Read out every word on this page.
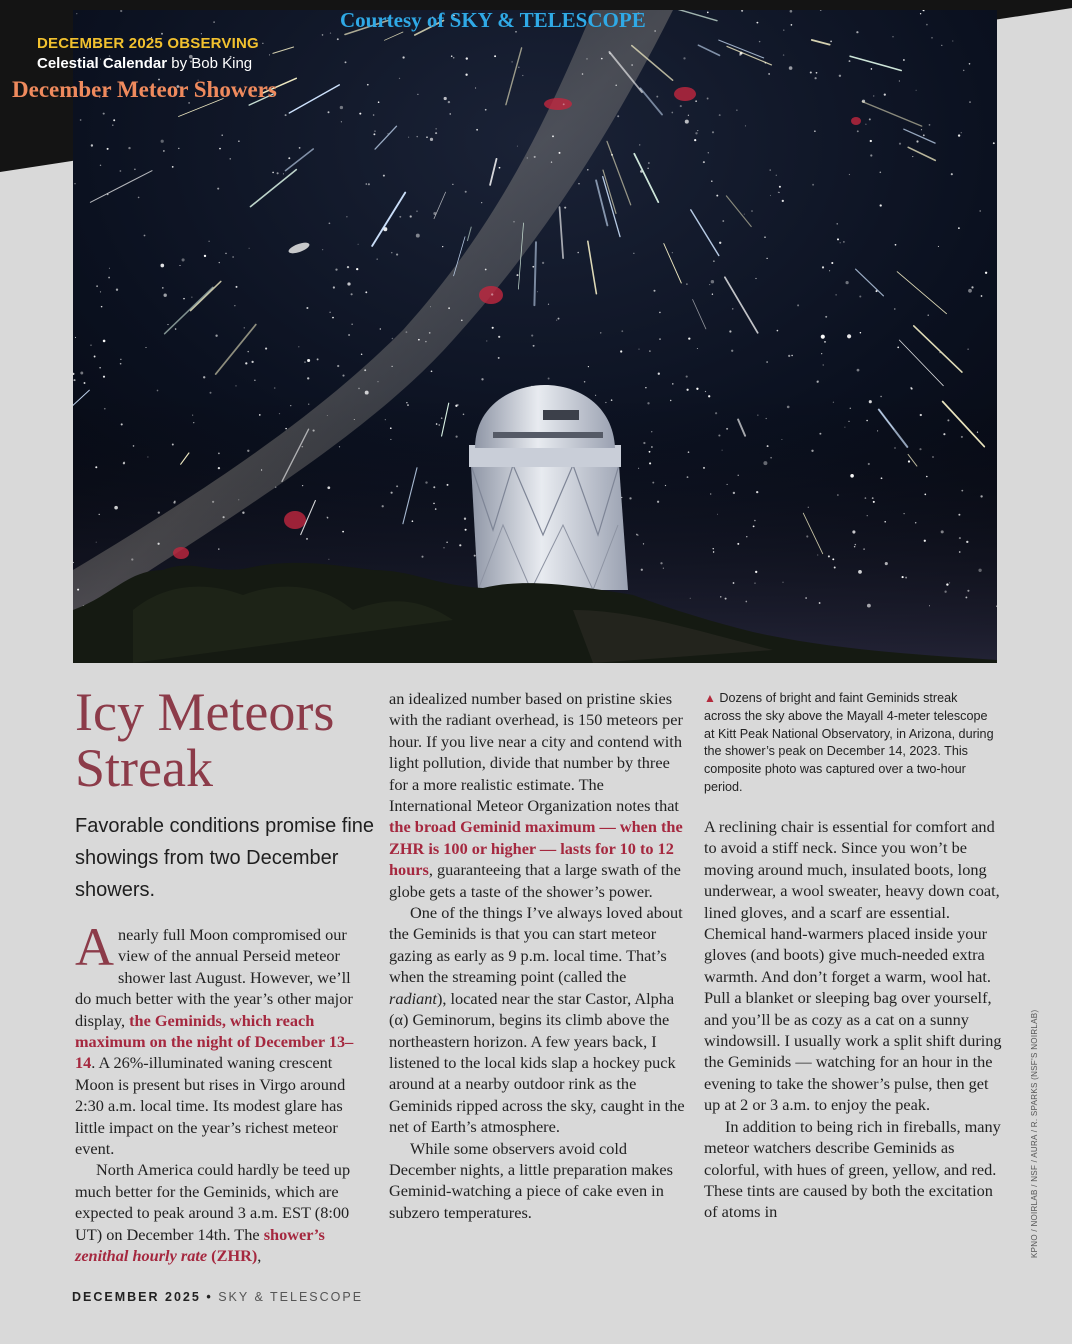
Courtesy of SKY & TELESCOPE
DECEMBER 2025 OBSERVING
Celestial Calendar by Bob King
December Meteor Showers
Icy Meteors
Streak

Favorable conditions promise fine showings from two December showers.

Anearly full Moon compromised our view of the annual Perseid meteor shower last August. However, we’ll do much better with the year’s other major display, the Geminids, which reach maximum on the night of December 13–14. A 26%-illuminated waning crescent Moon is present but rises in Virgo around 2:30 a.m. local time. Its modest glare has little impact on the year’s richest meteor event.

North America could hardly be teed up much better for the Geminids, which are expected to peak around 3 a.m. EST (8:00 UT) on December 14th. The shower’s zenithal hourly rate (ZHR),

an idealized number based on pristine skies with the radiant overhead, is 150 meteors per hour. If you live near a city and contend with light pollution, divide that number by three for a more realistic estimate. The International Meteor Organization notes that the broad Geminid maximum — when the ZHR is 100 or higher — lasts for 10 to 12 hours, guaranteeing that a large swath of the globe gets a taste of the shower’s power.

One of the things I’ve always loved about the Geminids is that you can start meteor gazing as early as 9 p.m. local time. That’s when the streaming point (called the radiant), located near the star Castor, Alpha (α) Geminorum, begins its climb above the northeastern horizon. A few years back, I listened to the local kids slap a hockey puck around at a nearby outdoor rink as the Geminids ripped across the sky, caught in the net of Earth’s atmosphere.

While some observers avoid cold December nights, a little preparation makes Geminid-watching a piece of cake even in subzero temperatures.

▲ Dozens of bright and faint Geminids streak across the sky above the Mayall 4-meter telescope at Kitt Peak National Observatory, in Arizona, during the shower’s peak on December 14, 2023. This composite photo was captured over a two-hour period.

A reclining chair is essential for comfort and to avoid a stiff neck. Since you won’t be moving around much, insulated boots, long underwear, a wool sweater, heavy down coat, lined gloves, and a scarf are essential. Chemical hand-warmers placed inside your gloves (and boots) give much-needed extra warmth. And don’t forget a warm, wool hat. Pull a blanket or sleeping bag over yourself, and you’ll be as cozy as a cat on a sunny windowsill. I usually work a split shift during the Geminids — watching for an hour in the evening to take the shower’s pulse, then get up at 2 or 3 a.m. to enjoy the peak.

In addition to being rich in fireballs, many meteor watchers describe Geminids as colorful, with hues of green, yellow, and red. These tints are caused by both the excitation of atoms in	KPNO / NOIRLAB / NSF / AURA / R. SPARKS (NSF’S NOIRLAB)
DECEMBER 2025 • SKY & TELESCOPE
